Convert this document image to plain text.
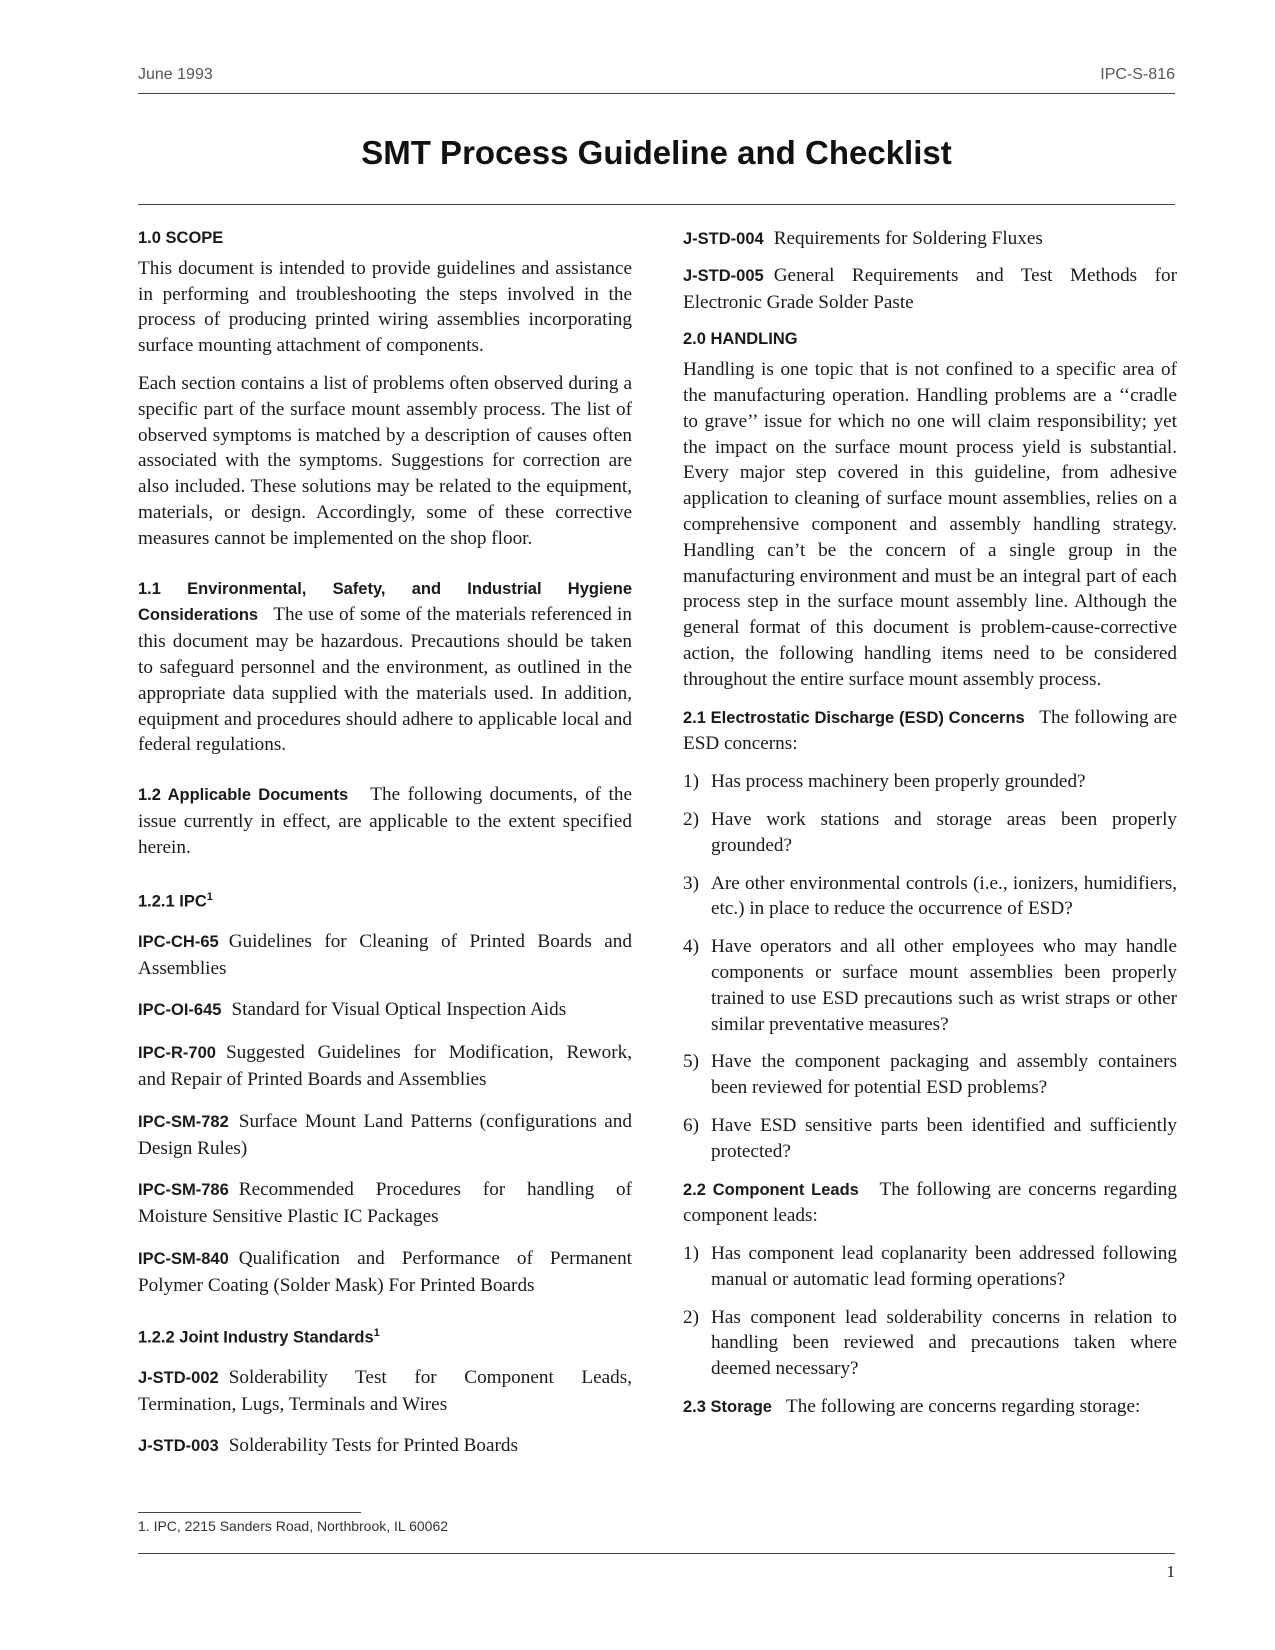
June 1993	IPC-S-816
SMT Process Guideline and Checklist
1.0 SCOPE

This document is intended to provide guidelines and assistance in performing and troubleshooting the steps involved in the process of producing printed wiring assemblies incorporating surface mounting attachment of components.

Each section contains a list of problems often observed during a specific part of the surface mount assembly process. The list of observed symptoms is matched by a description of causes often associated with the symptoms. Suggestions for correction are also included. These solutions may be related to the equipment, materials, or design. Accordingly, some of these corrective measures cannot be implemented on the shop floor.

1.1 Environmental, Safety, and Industrial Hygiene Considerations The use of some of the materials referenced in this document may be hazardous. Precautions should be taken to safeguard personnel and the environment, as outlined in the appropriate data supplied with the materials used. In addition, equipment and procedures should adhere to applicable local and federal regulations.

1.2 Applicable Documents The following documents, of the issue currently in effect, are applicable to the extent specified herein.

1.2.1 IPC$^1$
IPC-CH-65 Guidelines for Cleaning of Printed Boards and Assemblies
IPC-OI-645 Standard for Visual Optical Inspection Aids
IPC-R-700 Suggested Guidelines for Modification, Rework, and Repair of Printed Boards and Assemblies
IPC-SM-782 Surface Mount Land Patterns (configurations and Design Rules)
IPC-SM-786 Recommended Procedures for handling of Moisture Sensitive Plastic IC Packages
IPC-SM-840 Qualification and Performance of Permanent Polymer Coating (Solder Mask) For Printed Boards
1.2.2 Joint Industry Standards$^1$
J-STD-002 Solderability Test for Component Leads, Termination, Lugs, Terminals and Wires
J-STD-003 Solderability Tests for Printed Boards
J-STD-004 Requirements for Soldering Fluxes
J-STD-005 General Requirements and Test Methods for Electronic Grade Solder Paste
2.0 HANDLING

Handling is one topic that is not confined to a specific area of the manufacturing operation. Handling problems are a ‘‘cradle to grave’’ issue for which no one will claim responsibility; yet the impact on the surface mount process yield is substantial. Every major step covered in this guideline, from adhesive application to cleaning of surface mount assemblies, relies on a comprehensive component and assembly handling strategy. Handling can’t be the concern of a single group in the manufacturing environment and must be an integral part of each process step in the surface mount assembly line. Although the general format of this document is problem-cause-corrective action, the following handling items need to be considered throughout the entire surface mount assembly process.

2.1 Electrostatic Discharge (ESD) Concerns The following are ESD concerns:

1) Has process machinery been properly grounded?
2) Have work stations and storage areas been properly grounded?
3) Are other environmental controls (i.e., ionizers, humidifiers, etc.) in place to reduce the occurrence of ESD?
4) Have operators and all other employees who may handle components or surface mount assemblies been properly trained to use ESD precautions such as wrist straps or other similar preventative measures?
5) Have the component packaging and assembly containers been reviewed for potential ESD problems?
6) Have ESD sensitive parts been identified and sufficiently protected?

2.2 Component Leads The following are concerns regarding component leads:

1) Has component lead coplanarity been addressed following manual or automatic lead forming operations?
2) Has component lead solderability concerns in relation to handling been reviewed and precautions taken where deemed necessary?

2.3 Storage The following are concerns regarding storage:

1. IPC, 2215 Sanders Road, Northbrook, IL 60062
1
